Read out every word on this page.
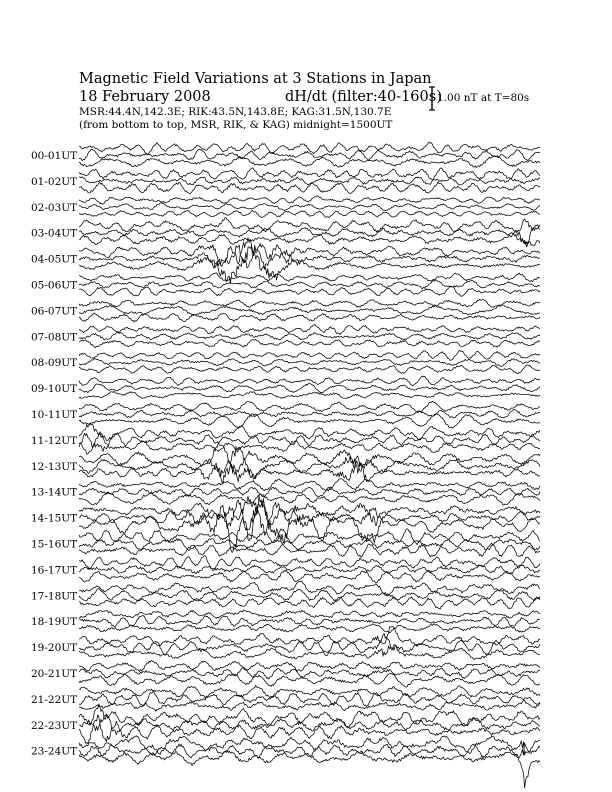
Magnetic Field Variations at 3 Stations in Japan
18 February 2008	dH/dt (filter:40-160s)
MSR:44.4N,142.3E; RIK:43.5N,143.8E; KAG:31.5N,130.7E
(from bottom to top, MSR, RIK, & KAG) midnight=1500UT
1.00 nT at T=80s
00-01UT
01-02UT
02-03UT
03-04UT
04-05UT
05-06UT
06-07UT
07-08UT
08-09UT
09-10UT
10-11UT
11-12UT
12-13UT
13-14UT
14-15UT
15-16UT
16-17UT
17-18UT
18-19UT
19-20UT
20-21UT
21-22UT
22-23UT
23-24UT
